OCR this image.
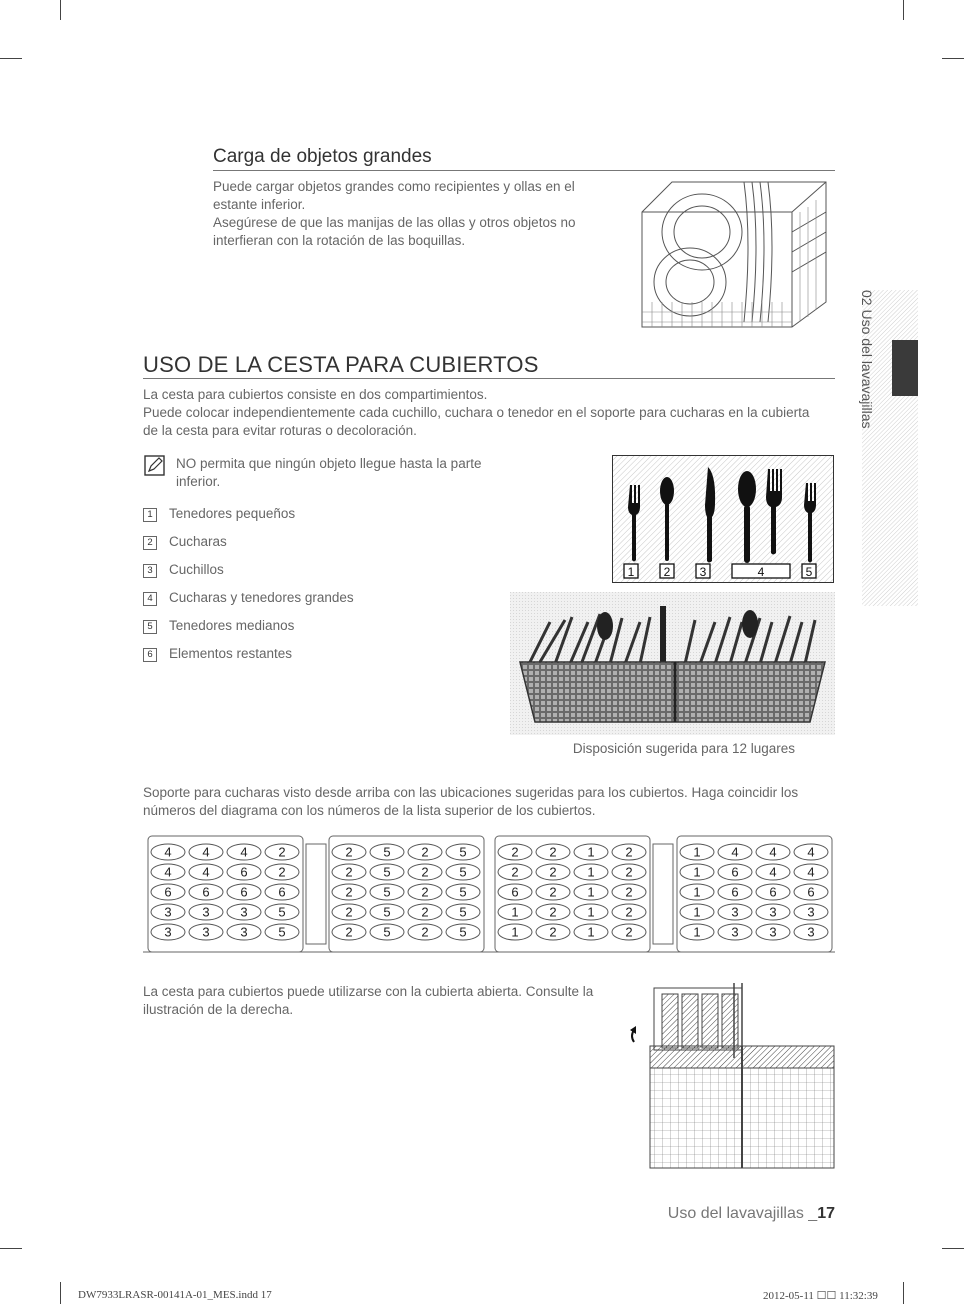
Carga de objetos grandes
Puede cargar objetos grandes como recipientes y ollas en el estante inferior.
Asegúrese de que las manijas de las ollas y otros objetos no interfieran con la rotación de las boquillas.
USO DE LA CESTA PARA CUBIERTOS
La cesta para cubiertos consiste en dos compartimientos.
Puede colocar independientemente cada cuchillo, cuchara o tenedor en el soporte para cucharas en la cubierta de la cesta para evitar roturas o decoloración.
NO permita que ningún objeto llegue hasta la parte inferior.
1 Tenedores pequeños
2 Cucharas
3 Cuchillos
4 Cucharas y tenedores grandes
5 Tenedores medianos
6 Elementos restantes
1 2 3	4	5
Disposición sugerida para 12 lugares
Soporte para cucharas visto desde arriba con las ubicaciones sugeridas para los cubiertos. Haga coincidir los números del diagrama con los números de la lista superior de los cubiertos.
4 4 4 2
4 4 6 2
6 6 6 6
3 3 3 5
3 3 3 5
2 5 2 5
2 5 2 5
2 5 2 5
2 5 2 5
2 5 2 5
2 2 1 2
2 2 1 2
6 2 1 2
1 2 1 2
1 2 1 2
1 4 4 4
1 6 4 4
1 6 6 6
1 3 3 3
1 3 3 3
La cesta para cubiertos puede utilizarse con la cubierta abierta. Consulte la ilustración de la derecha.
02 Uso del lavavajillas
Uso del lavavajillas _17
DW7933LRASR-00141A-01_MES.indd 17	2012-05-11 ☐☐ 11:32:39
